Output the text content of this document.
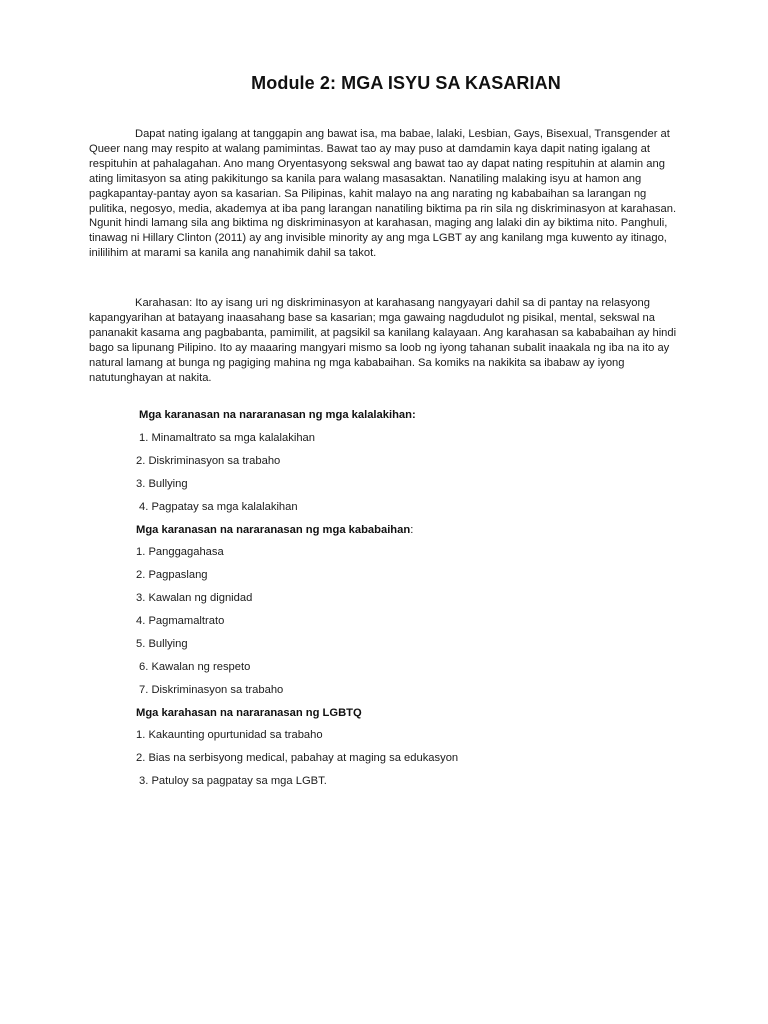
Module 2: MGA ISYU SA KASARIAN

Dapat nating igalang at tanggapin ang bawat isa, ma babae, lalaki, Lesbian, Gays, Bisexual, Transgender at Queer nang may respito at walang pamimintas. Bawat tao ay may puso at damdamin kaya dapit nating igalang at respituhin at pahalagahan. Ano mang Oryentasyong sekswal ang bawat tao ay dapat nating respituhin at alamin ang ating limitasyon sa ating pakikitungo sa kanila para walang masasaktan. Nanatiling malaking isyu at hamon ang pagkapantay-pantay ayon sa kasarian. Sa Pilipinas, kahit malayo na ang narating ng kababaihan sa larangan ng pulitika, negosyo, media, akademya at iba pang larangan nanatiling biktima pa rin sila ng diskriminasyon at karahasan. Ngunit hindi lamang sila ang biktima ng diskriminasyon at karahasan, maging ang lalaki din ay biktima nito. Panghuli, tinawag ni Hillary Clinton (2011) ay ang invisible minority ay ang mga LGBT ay ang kanilang mga kuwento ay itinago, inililihim at marami sa kanila ang nanahimik dahil sa takot.

Karahasan: Ito ay isang uri ng diskriminasyon at karahasang nangyayari dahil sa di pantay na relasyong kapangyarihan at batayang inaasahang base sa kasarian; mga gawaing nagdudulot ng pisikal, mental, sekswal na pananakit kasama ang pagbabanta, pamimilit, at pagsikil sa kanilang kalayaan. Ang karahasan sa kababaihan ay hindi bago sa lipunang Pilipino. Ito ay maaaring mangyari mismo sa loob ng iyong tahanan subalit inaakala ng iba na ito ay natural lamang at bunga ng pagiging mahina ng mga kababaihan. Sa komiks na nakikita sa ibabaw ay iyong natutunghayan at nakita.

Mga karanasan na nararanasan ng mga kalalakihan:

1. Minamaltrato sa mga kalalakihan

2. Diskriminasyon sa trabaho

3. Bullying

4. Pagpatay sa mga kalalakihan

Mga karanasan na nararanasan ng mga kababaihan:

1. Panggagahasa

2. Pagpaslang

3. Kawalan ng dignidad

4. Pagmamaltrato

5. Bullying

6. Kawalan ng respeto

7. Diskriminasyon sa trabaho

Mga karahasan na nararanasan ng LGBTQ

1. Kakaunting opurtunidad sa trabaho

2. Bias na serbisyong medical, pabahay at maging sa edukasyon

3. Patuloy sa pagpatay sa mga LGBT.
